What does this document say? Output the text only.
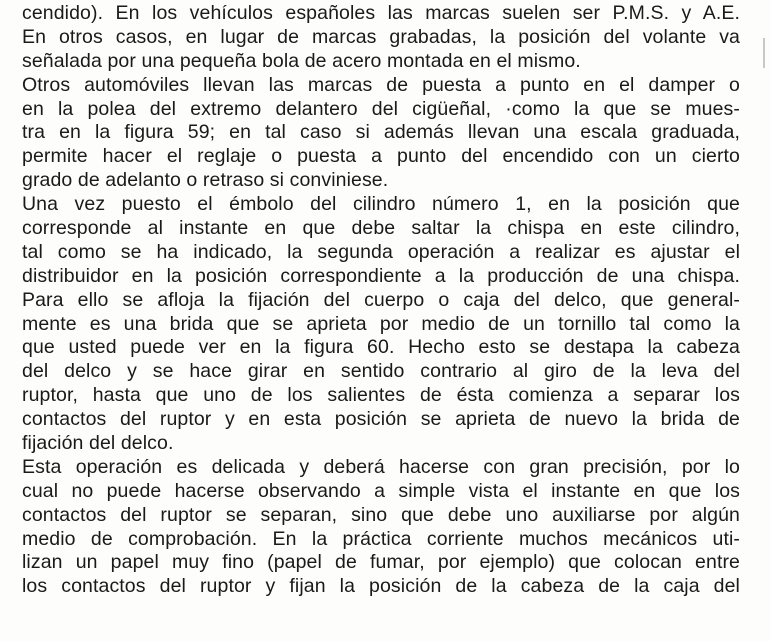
cendido). En los vehículos españoles las marcas suelen ser P.M.S. y A.E.
En otros casos, en lugar de marcas grabadas, la posición del volante va
señalada por una pequeña bola de acero montada en el mismo.
Otros automóviles llevan las marcas de puesta a punto en el damper o
en la polea del extremo delantero del cigüeñal, ·como la que se mues-
tra en la figura 59; en tal caso si además llevan una escala graduada,
permite hacer el reglaje o puesta a punto del encendido con un cierto
grado de adelanto o retraso si conviniese.
Una vez puesto el émbolo del cilindro número 1, en la posición que
corresponde al instante en que debe saltar la chispa en este cilindro,
tal como se ha indicado, la segunda operación a realizar es ajustar el
distribuidor en la posición correspondiente a la producción de una chispa.
Para ello se afloja la fijación del cuerpo o caja del delco, que general-
mente es una brida que se aprieta por medio de un tornillo tal como la
que usted puede ver en la figura 60. Hecho esto se destapa la cabeza
del delco y se hace girar en sentido contrario al giro de la leva del
ruptor, hasta que uno de los salientes de ésta comienza a separar los
contactos del ruptor y en esta posición se aprieta de nuevo la brida de
fijación del delco.
Esta operación es delicada y deberá hacerse con gran precisión, por lo
cual no puede hacerse observando a simple vista el instante en que los
contactos del ruptor se separan, sino que debe uno auxiliarse por algún
medio de comprobación. En la práctica corriente muchos mecánicos uti-
lizan un papel muy fino (papel de fumar, por ejemplo) que colocan entre
los contactos del ruptor y fijan la posición de la cabeza de la caja del
